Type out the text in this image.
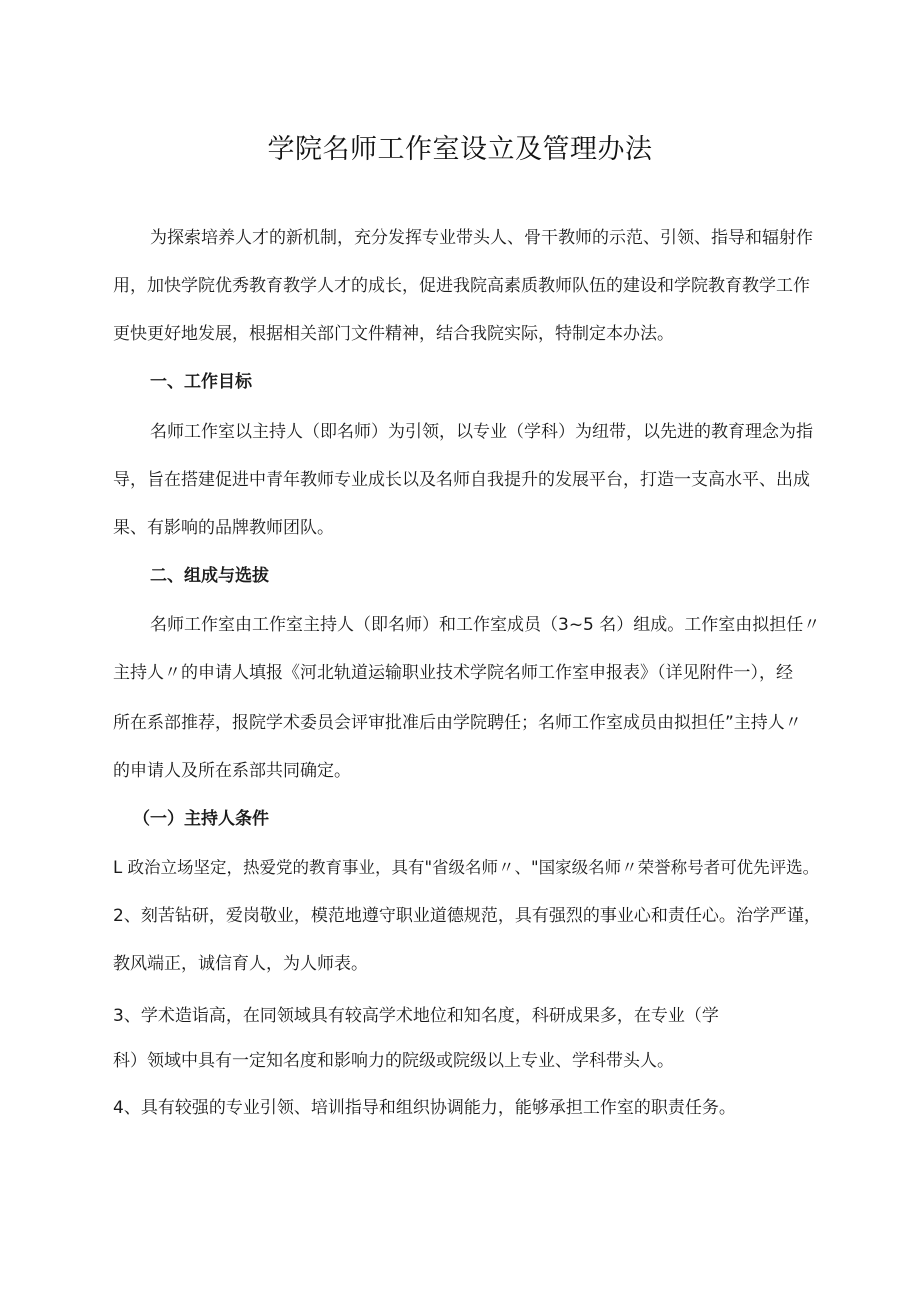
学院名师工作室设立及管理办法
为探索培养人才的新机制，充分发挥专业带头人、骨干教师的示范、引领、指导和辐射作
用，加快学院优秀教育教学人才的成长，促进我院高素质教师队伍的建设和学院教育教学工作
更快更好地发展，根据相关部门文件精神，结合我院实际，特制定本办法。
一、工作目标
名师工作室以主持人（即名师）为引领，以专业（学科）为纽带，以先进的教育理念为指
导，旨在搭建促进中青年教师专业成长以及名师自我提升的发展平台，打造一支高水平、出成
果、有影响的品牌教师团队。
二、组成与选拔
名师工作室由工作室主持人（即名师）和工作室成员（3~5 名）组成。工作室由拟担任〃
主持人〃的申请人填报《河北轨道运输职业技术学院名师工作室申报表》（详见附件一），经
所在系部推荐，报院学术委员会评审批准后由学院聘任；名师工作室成员由拟担任”主持人〃
的申请人及所在系部共同确定。
（一）主持人条件
L 政治立场坚定，热爱党的教育事业，具有"省级名师〃、"国家级名师〃荣誉称号者可优先评选。
2、刻苦钻研，爱岗敬业，模范地遵守职业道德规范，具有强烈的事业心和责任心。治学严谨，
教风端正，诚信育人，为人师表。
3、学术造诣高，在同领域具有较高学术地位和知名度，科研成果多，在专业（学
科）领域中具有一定知名度和影响力的院级或院级以上专业、学科带头人。
4、具有较强的专业引领、培训指导和组织协调能力，能够承担工作室的职责任务。
